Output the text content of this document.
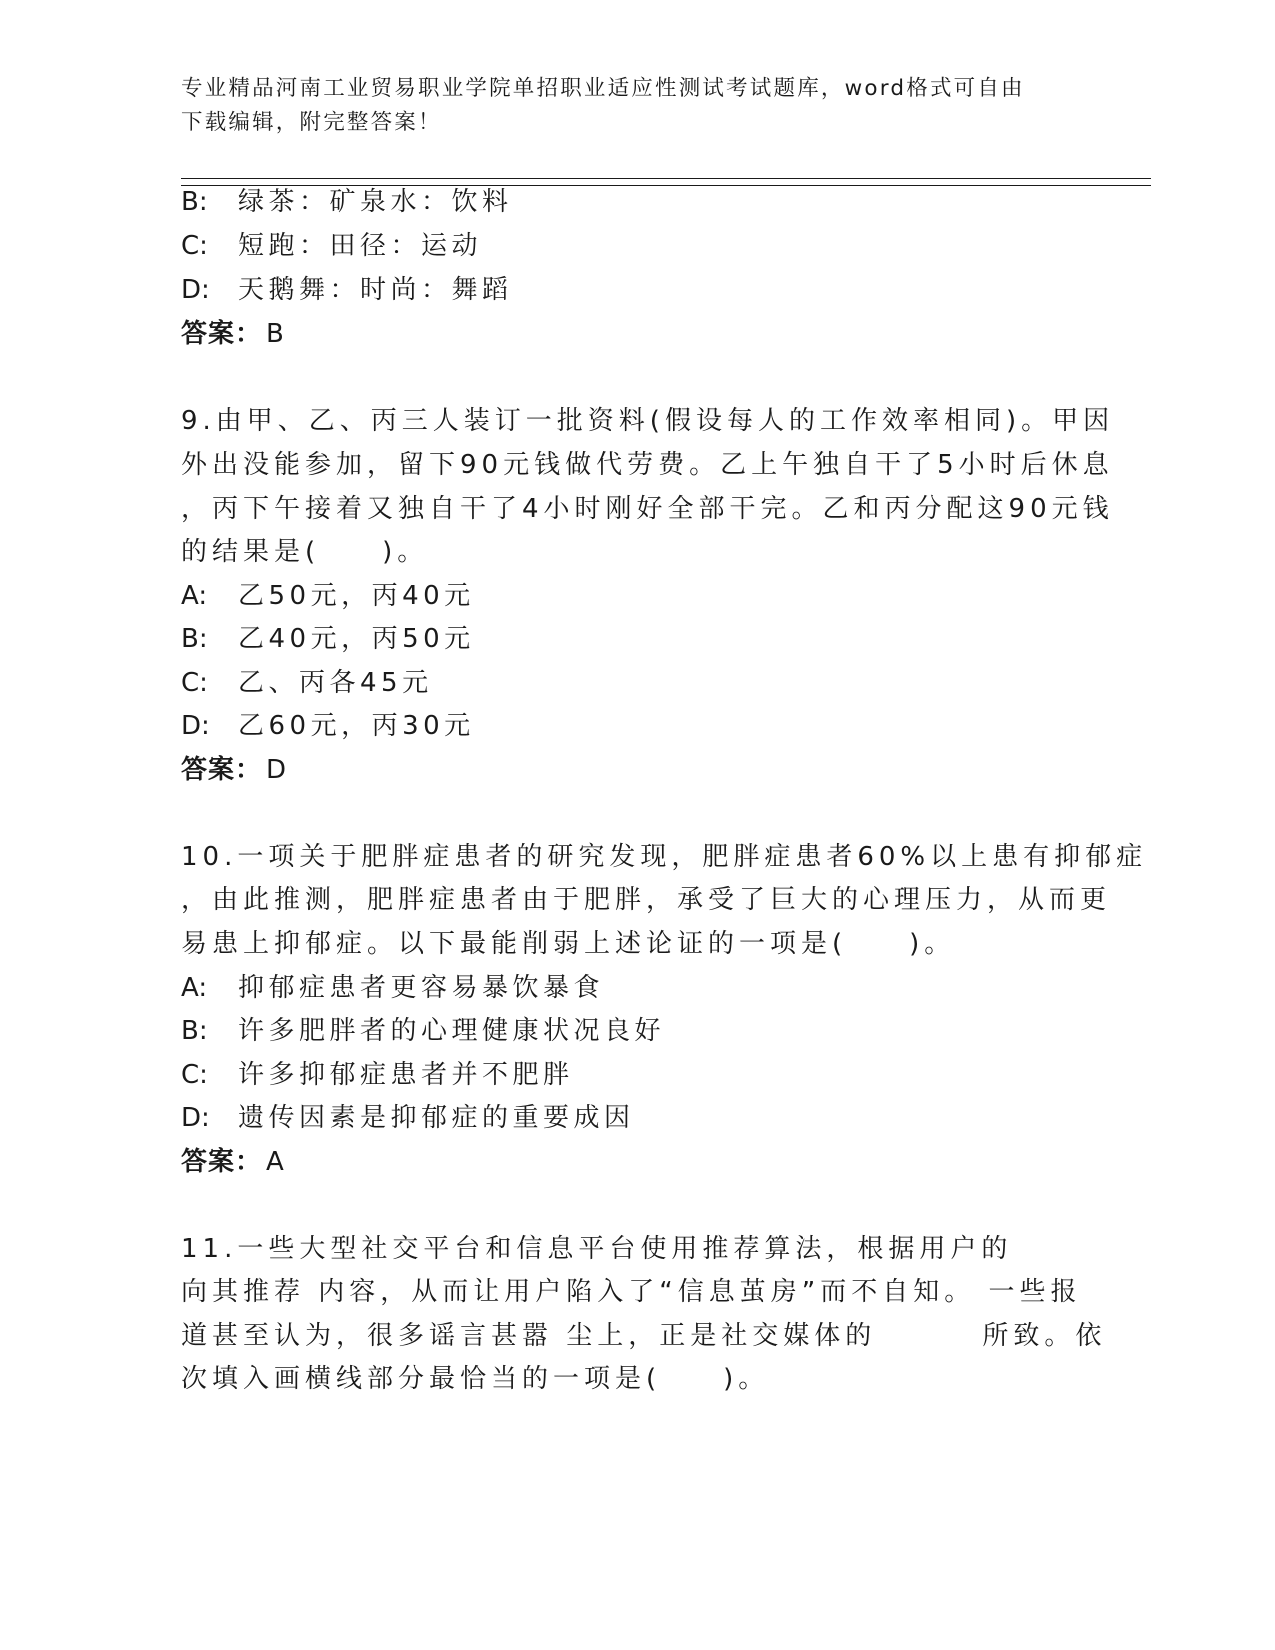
专业精品河南工业贸易职业学院单招职业适应性测试考试题库，word格式可自由
下载编辑，附完整答案！
B: 绿茶：矿泉水：饮料
C: 短跑：田径：运动
D: 天鹅舞：时尚：舞蹈
答案： B
9.由甲、乙、丙三人装订一批资料(假设每人的工作效率相同)。甲因
外出没能参加，留下90元钱做代劳费。乙上午独自干了5小时后休息
，丙下午接着又独自干了4小时刚好全部干完。乙和丙分配这90元钱
的结果是(　　)。
A: 乙50元，丙40元
B: 乙40元，丙50元
C: 乙、丙各45元
D: 乙60元，丙30元
答案： D
10.一项关于肥胖症患者的研究发现，肥胖症患者60%以上患有抑郁症
，由此推测，肥胖症患者由于肥胖，承受了巨大的心理压力，从而更
易患上抑郁症。以下最能削弱上述论证的一项是(　　)。
A: 抑郁症患者更容易暴饮暴食
B: 许多肥胖者的心理健康状况良好
C: 许多抑郁症患者并不肥胖
D: 遗传因素是抑郁症的重要成因
答案： A
11.一些大型社交平台和信息平台使用推荐算法，根据用户的
向其推荐 内容，从而让用户陷入了“信息茧房”而不自知。 一些报
道甚至认为，很多谣言甚嚣 尘上，正是社交媒体的        所致。依
次填入画横线部分最恰当的一项是(　　)。
